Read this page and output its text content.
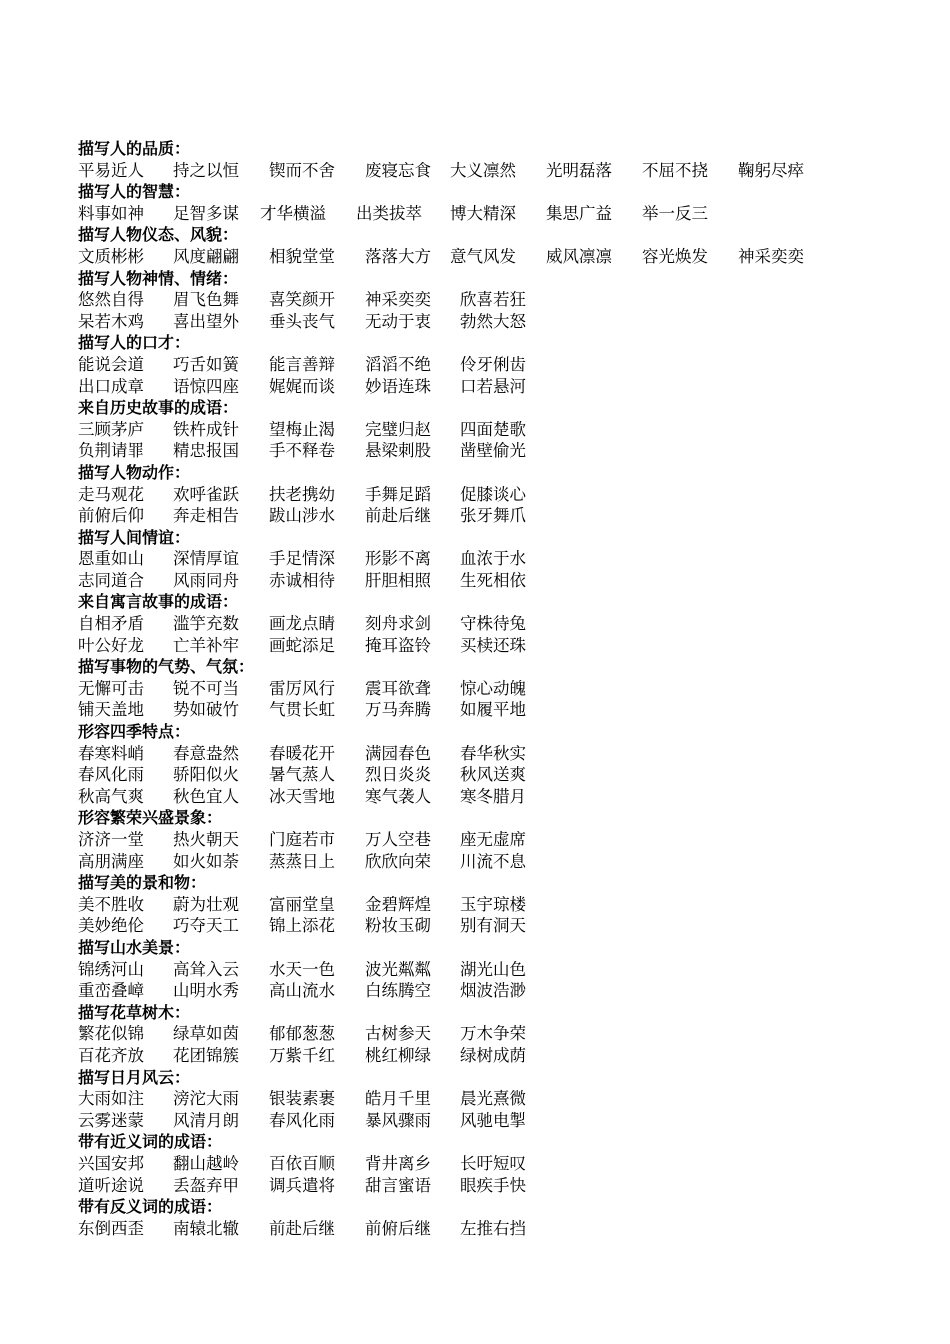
描写人的品质：
平易近人 持之以恒 锲而不舍 废寝忘食 大义凛然 光明磊落 不屈不挠 鞠躬尽瘁
描写人的智慧：
料事如神 足智多谋 才华横溢 出类拔萃 博大精深 集思广益 举一反三
描写人物仪态、风貌：
文质彬彬 风度翩翩 相貌堂堂 落落大方 意气风发 威风凛凛 容光焕发 神采奕奕
描写人物神情、情绪：
悠然自得 眉飞色舞 喜笑颜开 神采奕奕 欣喜若狂
呆若木鸡 喜出望外 垂头丧气 无动于衷 勃然大怒
描写人的口才：
能说会道 巧舌如簧 能言善辩 滔滔不绝 伶牙俐齿
出口成章 语惊四座 娓娓而谈 妙语连珠 口若悬河
来自历史故事的成语：
三顾茅庐 铁杵成针 望梅止渴 完璧归赵 四面楚歌
负荆请罪 精忠报国 手不释卷 悬梁刺股 凿壁偷光
描写人物动作：
走马观花 欢呼雀跃 扶老携幼 手舞足蹈 促膝谈心
前俯后仰 奔走相告 跋山涉水 前赴后继 张牙舞爪
描写人间情谊：
恩重如山 深情厚谊 手足情深 形影不离 血浓于水
志同道合 风雨同舟 赤诚相待 肝胆相照 生死相依
来自寓言故事的成语：
自相矛盾 滥竽充数 画龙点睛 刻舟求剑 守株待兔
叶公好龙 亡羊补牢 画蛇添足 掩耳盗铃 买椟还珠
描写事物的气势、气氛：
无懈可击 锐不可当 雷厉风行 震耳欲聋 惊心动魄
铺天盖地 势如破竹 气贯长虹 万马奔腾 如履平地
形容四季特点：
春寒料峭 春意盎然 春暖花开 满园春色 春华秋实
春风化雨 骄阳似火 暑气蒸人 烈日炎炎 秋风送爽
秋高气爽 秋色宜人 冰天雪地 寒气袭人 寒冬腊月
形容繁荣兴盛景象：
济济一堂 热火朝天 门庭若市 万人空巷 座无虚席
高朋满座 如火如荼 蒸蒸日上 欣欣向荣 川流不息
描写美的景和物：
美不胜收 蔚为壮观 富丽堂皇 金碧辉煌 玉宇琼楼
美妙绝伦 巧夺天工 锦上添花 粉妆玉砌 别有洞天
描写山水美景：
锦绣河山 高耸入云 水天一色 波光粼粼 湖光山色
重峦叠嶂 山明水秀 高山流水 白练腾空 烟波浩渺
描写花草树木：
繁花似锦 绿草如茵 郁郁葱葱 古树参天 万木争荣
百花齐放 花团锦簇 万紫千红 桃红柳绿 绿树成荫
描写日月风云：
大雨如注 滂沱大雨 银装素裹 皓月千里 晨光熹微
云雾迷蒙 风清月朗 春风化雨 暴风骤雨 风驰电掣
带有近义词的成语：
兴国安邦 翻山越岭 百依百顺 背井离乡 长吁短叹
道听途说 丢盔弃甲 调兵遣将 甜言蜜语 眼疾手快
带有反义词的成语：
东倒西歪 南辕北辙 前赴后继 前俯后继 左推右挡
